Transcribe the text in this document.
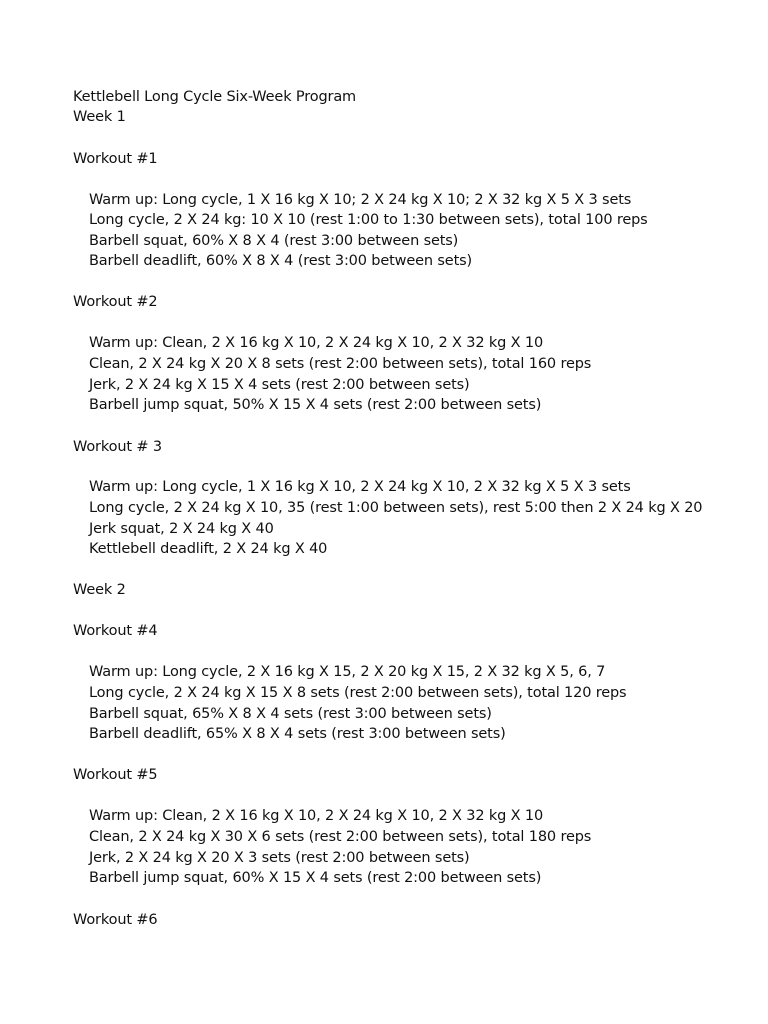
Kettlebell Long Cycle Six-Week Program
Week 1
Workout #1
Warm up: Long cycle, 1 X 16 kg X 10; 2 X 24 kg X 10; 2 X 32 kg X 5 X 3 sets
Long cycle, 2 X 24 kg: 10 X 10 (rest 1:00 to 1:30 between sets), total 100 reps
Barbell squat, 60% X 8 X 4 (rest 3:00 between sets)
Barbell deadlift, 60% X 8 X 4 (rest 3:00 between sets)
Workout #2
Warm up: Clean, 2 X 16 kg X 10, 2 X 24 kg X 10, 2 X 32 kg X 10
Clean, 2 X 24 kg X 20 X 8 sets (rest 2:00 between sets), total 160 reps
Jerk, 2 X 24 kg X 15 X 4 sets (rest 2:00 between sets)
Barbell jump squat, 50% X 15 X 4 sets (rest 2:00 between sets)
Workout # 3
Warm up: Long cycle, 1 X 16 kg X 10, 2 X 24 kg X 10, 2 X 32 kg X 5 X 3 sets
Long cycle, 2 X 24 kg X 10, 35 (rest 1:00 between sets), rest 5:00 then 2 X 24 kg X 20
Jerk squat, 2 X 24 kg X 40
Kettlebell deadlift, 2 X 24 kg X 40
Week 2
Workout #4
Warm up: Long cycle, 2 X 16 kg X 15, 2 X 20 kg X 15, 2 X 32 kg X 5, 6, 7
Long cycle, 2 X 24 kg X 15 X 8 sets (rest 2:00 between sets), total 120 reps
Barbell squat, 65% X 8 X 4 sets (rest 3:00 between sets)
Barbell deadlift, 65% X 8 X 4 sets (rest 3:00 between sets)
Workout #5
Warm up: Clean, 2 X 16 kg X 10, 2 X 24 kg X 10, 2 X 32 kg X 10
Clean, 2 X 24 kg X 30 X 6 sets (rest 2:00 between sets), total 180 reps
Jerk, 2 X 24 kg X 20 X 3 sets (rest 2:00 between sets)
Barbell jump squat, 60% X 15 X 4 sets (rest 2:00 between sets)
Workout #6
